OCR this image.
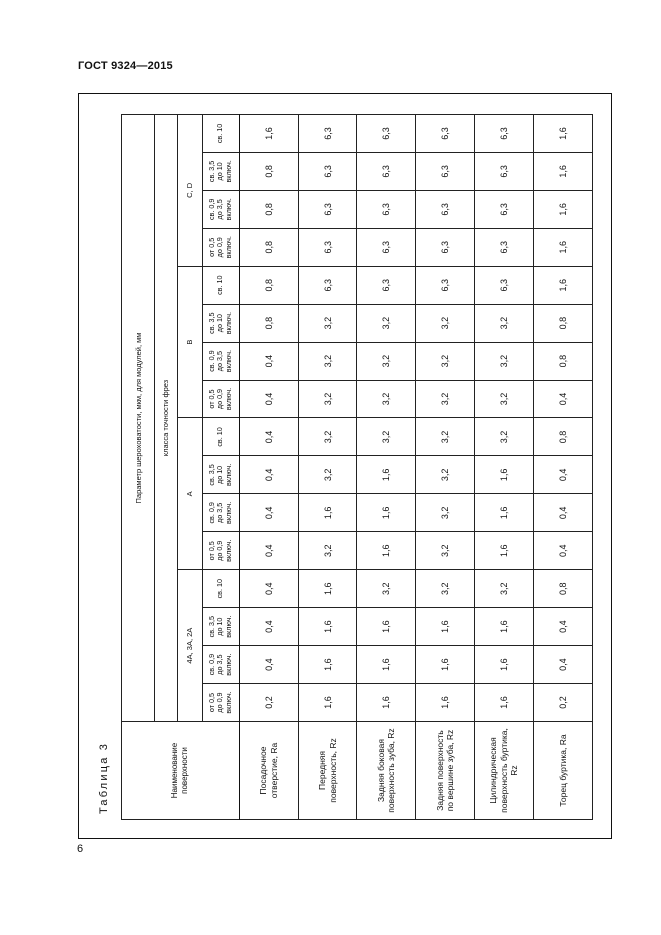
ГОСТ 9324—2015
6
Таблица 3	Наименование поверхности	Параметр шероховатости, мкм, для модулей, мм															
	класса точности фрез															
	4А, 3А, 2А				А				В				С, D			
	от 0,5
до 0,9
включ.	св. 0,9
до 3,5
включ.	св. 3,5
до 10
включ.	св. 10	от 0,5
до 0,9
включ.	св. 0,9
до 3,5
включ.	св. 3,5
до 10
включ.	св. 10	от 0,5
до 0,9
включ.	св. 0,9
до 3,5
включ.	св. 3,5
до 10
включ.	св. 10	от 0,5
до 0,9
включ.	св. 0,9
до 3,5
включ.	св. 3,5
до 10
включ.	св. 10
Посадочное отверстие, Ra	0,2	0,4	0,4	0,4	0,4	0,4	0,4	0,4	0,4	0,4	0,8	0,8	0,8	0,8	0,8	1,6
Передняя поверхность, Rz	1,6	1,6	1,6	1,6	3,2	1,6	3,2	3,2	3,2	3,2	3,2	6,3	6,3	6,3	6,3	6,3
Задняя боковая поверхность зуба, Rz	1,6	1,6	1,6	3,2	1,6	1,6	1,6	3,2	3,2	3,2	3,2	6,3	6,3	6,3	6,3	6,3
Задняя поверхность по вершине зуба, Rz	1,6	1,6	1,6	3,2	3,2	3,2	3,2	3,2	3,2	3,2	3,2	6,3	6,3	6,3	6,3	6,3
Цилиндрическая поверхность буртика, Rz	1,6	1,6	1,6	3,2	1,6	1,6	1,6	3,2	3,2	3,2	3,2	6,3	6,3	6,3	6,3	6,3
Торец буртика, Ra	0,2	0,4	0,4	0,8	0,4	0,4	0,4	0,8	0,4	0,8	0,8	1,6	1,6	1,6	1,6	1,6
